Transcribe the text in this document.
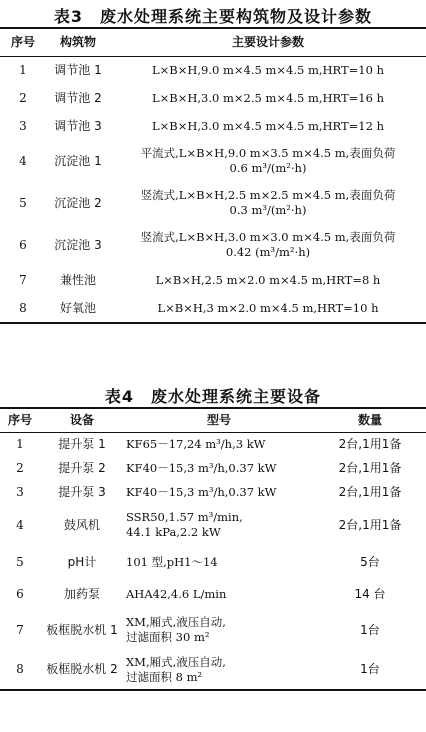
表3　废水处理系统主要构筑物及设计参数
序号	构筑物	主要设计参数
1	调节池 1	L×B×H,9.0 m×4.5 m×4.5 m,HRT=10 h

2	调节池 2	L×B×H,3.0 m×2.5 m×4.5 m,HRT=16 h

3	调节池 3	L×B×H,3.0 m×4.5 m×4.5 m,HRT=12 h

4	沉淀池 1	平流式,L×B×H,9.0 m×3.5 m×4.5 m,表面负荷
0.6 m³/(m²·h)

5	沉淀池 2	竖流式,L×B×H,2.5 m×2.5 m×4.5 m,表面负荷
0.3 m³/(m²·h)

6	沉淀池 3	竖流式,L×B×H,3.0 m×3.0 m×4.5 m,表面负荷
0.42 (m³/m²·h)

7	兼性池	L×B×H,2.5 m×2.0 m×4.5 m,HRT=8 h

8	好氧池	L×B×H,3 m×2.0 m×4.5 m,HRT=10 h
表4　废水处理系统主要设备
序号	设备	型号	数量
1	提升泵 1	KF65－17,24 m³/h,3 kW	2台,1用1备
2	提升泵 2	KF40－15,3 m³/h,0.37 kW	2台,1用1备
3	提升泵 3	KF40－15,3 m³/h,0.37 kW	2台,1用1备
4	鼓风机	SSR50,1.57 m³/min,
44.1 kPa,2.2 kW	2台,1用1备
5	pH计	101 型,pH1～14	5台
6	加药泵	AHA42,4.6 L/min	14 台
7	板框脱水机 1	XM,厢式,液压自动,
过滤面积 30 m²	1台
8	板框脱水机 2	XM,厢式,液压自动,
过滤面积 8 m²	1台
